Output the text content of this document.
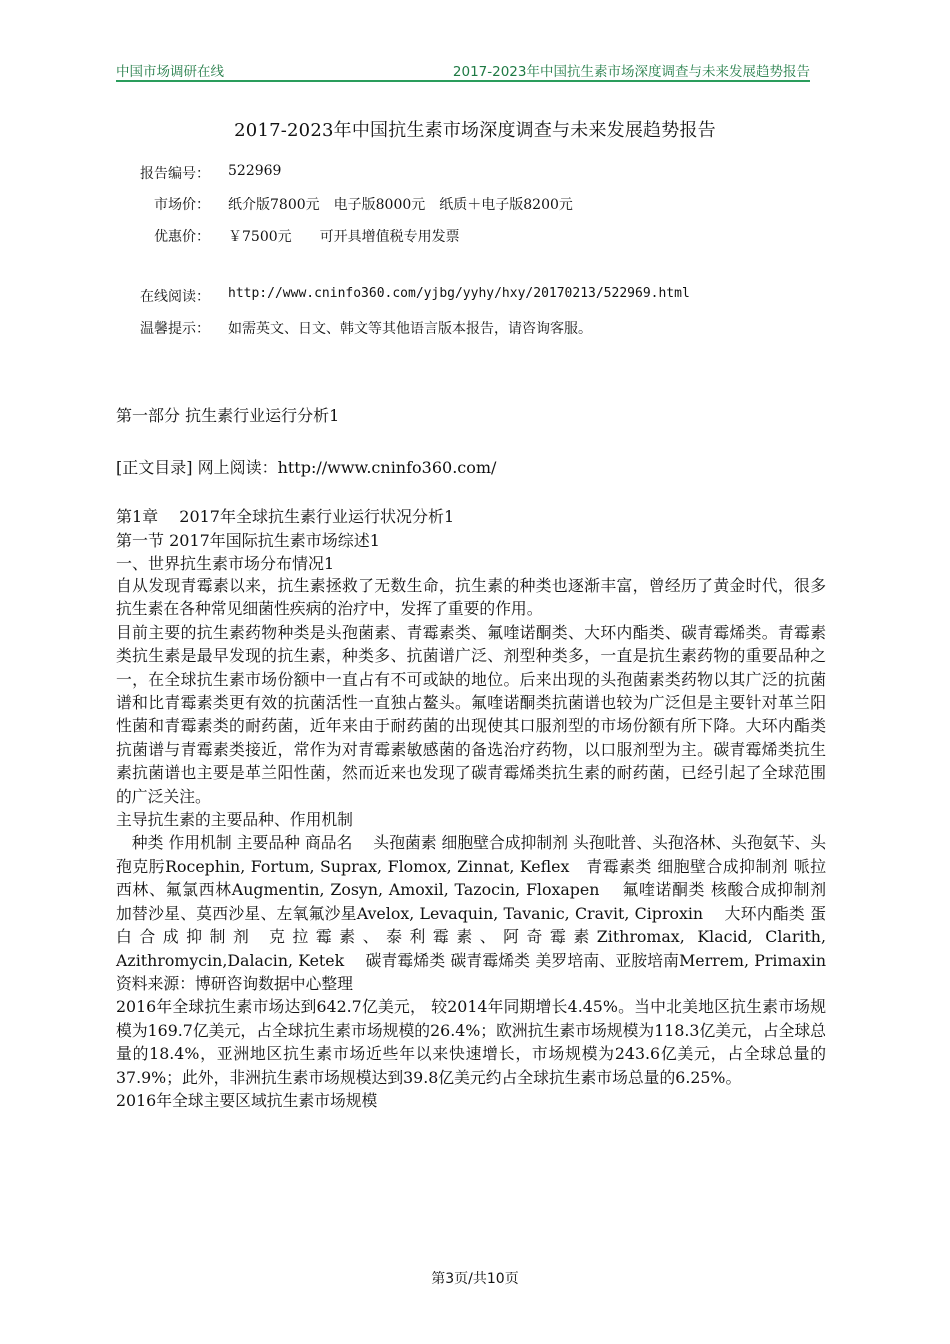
中国市场调研在线	2017-2023年中国抗生素市场深度调查与未来发展趋势报告
2017-2023年中国抗生素市场深度调查与未来发展趋势报告
报告编号： 522969
市场价： 纸介版7800元　电子版8000元　纸质＋电子版8200元
优惠价： ￥7500元　　可开具增值税专用发票
在线阅读： http://www.cninfo360.com/yjbg/yyhy/hxy/20170213/522969.html
温馨提示： 如需英文、日文、韩文等其他语言版本报告，请咨询客服。
第一部分 抗生素行业运行分析1
[正文目录] 网上阅读：http://www.cninfo360.com/
第1章　 2017年全球抗生素行业运行状况分析1
第一节 2017年国际抗生素市场综述1
一、世界抗生素市场分布情况1

自从发现青霉素以来，抗生素拯救了无数生命，抗生素的种类也逐渐丰富，曾经历了黄金时代，很多抗生素在各种常见细菌性疾病的治疗中，发挥了重要的作用。

目前主要的抗生素药物种类是头孢菌素、青霉素类、氟喹诺酮类、大环内酯类、碳青霉烯类。青霉素类抗生素是最早发现的抗生素，种类多、抗菌谱广泛、剂型种类多，一直是抗生素药物的重要品种之一，在全球抗生素市场份额中一直占有不可或缺的地位。后来出现的头孢菌素类药物以其广泛的抗菌谱和比青霉素类更有效的抗菌活性一直独占鳌头。氟喹诺酮类抗菌谱也较为广泛但是主要针对革兰阳性菌和青霉素类的耐药菌，近年来由于耐药菌的出现使其口服剂型的市场份额有所下降。大环内酯类抗菌谱与青霉素类接近，常作为对青霉素敏感菌的备选治疗药物，以口服剂型为主。碳青霉烯类抗生素抗菌谱也主要是革兰阳性菌，然而近来也发现了碳青霉烯类抗生素的耐药菌，已经引起了全球范围的广泛关注。

主导抗生素的主要品种、作用机制

　种类 作用机制 主要品种 商品名　 头孢菌素 细胞壁合成抑制剂 头孢吡普、头孢洛林、头孢氨苄、头孢克肟Rocephin, Fortum, Suprax, Flomox, Zinnat, Keflex　青霉素类 细胞壁合成抑制剂 哌拉西林、氟氯西林Augmentin, Zosyn, Amoxil, Tazocin, Floxapen　 氟喹诺酮类 核酸合成抑制剂 加替沙星、莫西沙星、左氧氟沙星Avelox, Levaquin, Tavanic, Cravit, Ciproxin　 大环内酯类 蛋白合成抑制剂 克拉霉素、泰利霉素、阿奇霉素Zithromax, Klacid, Clarith, Azithromycin,Dalacin, Ketek　 碳青霉烯类 碳青霉烯类 美罗培南、亚胺培南Merrem, Primaxin 资料来源：博研咨询数据中心整理

2016年全球抗生素市场达到642.7亿美元， 较2014年同期增长4.45%。当中北美地区抗生素市场规模为169.7亿美元，占全球抗生素市场规模的26.4%；欧洲抗生素市场规模为118.3亿美元，占全球总量的18.4%，亚洲地区抗生素市场近些年以来快速增长，市场规模为243.6亿美元，占全球总量的37.9%；此外，非洲抗生素市场规模达到39.8亿美元约占全球抗生素市场总量的6.25%。

2016年全球主要区域抗生素市场规模

第3页/共10页
